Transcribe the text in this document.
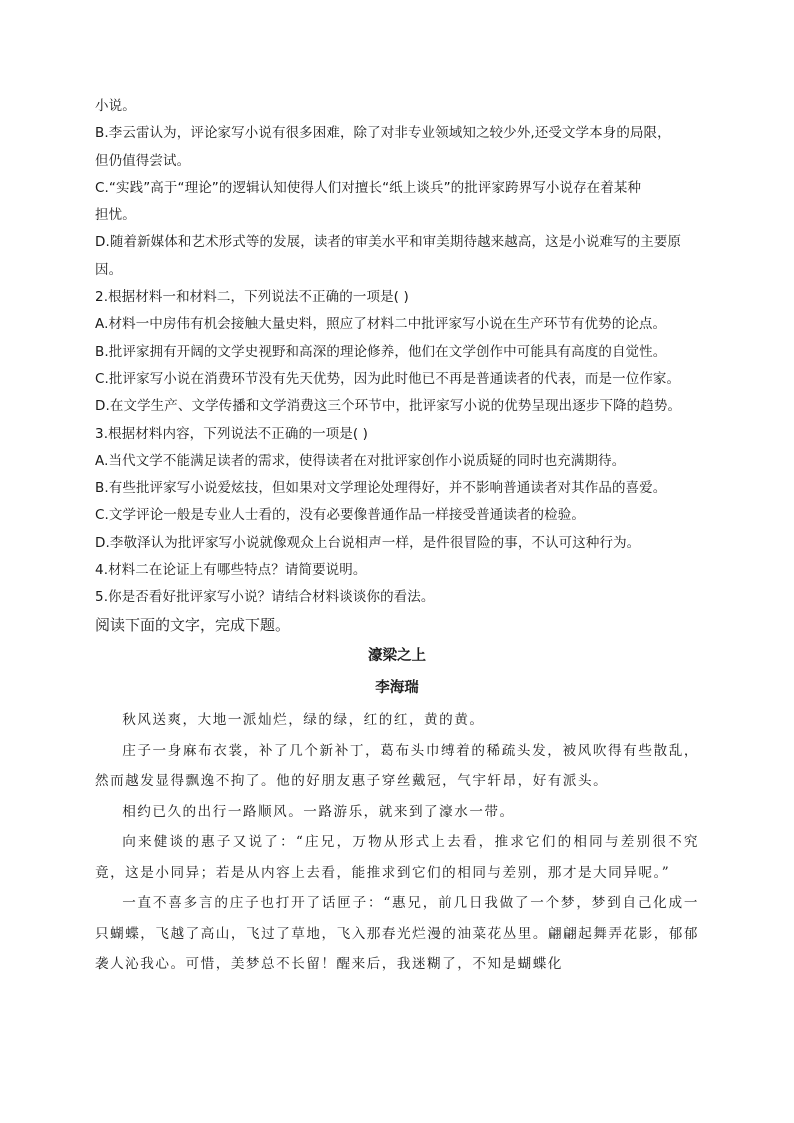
小说。

B.李云雷认为，评论家写小说有很多困难，除了对非专业领域知之较少外,还受文学本身的局限，

但仍值得尝试。

C.“实践”高于“理论”的逻辑认知使得人们对擅长“纸上谈兵”的批评家跨界写小说存在着某种

担忧。

D.随着新媒体和艺术形式等的发展，读者的审美水平和审美期待越来越高，这是小说难写的主要原

因。

2.根据材料一和材料二，下列说法不正确的一项是( )

A.材料一中房伟有机会接触大量史料，照应了材料二中批评家写小说在生产环节有优势的论点。

B.批评家拥有开阔的文学史视野和高深的理论修养，他们在文学创作中可能具有高度的自觉性。

C.批评家写小说在消费环节没有先天优势，因为此时他已不再是普通读者的代表，而是一位作家。

D.在文学生产、文学传播和文学消费这三个环节中，批评家写小说的优势呈现出逐步下降的趋势。

3.根据材料内容，下列说法不正确的一项是( )

A.当代文学不能满足读者的需求，使得读者在对批评家创作小说质疑的同时也充满期待。

B.有些批评家写小说爱炫技，但如果对文学理论处理得好，并不影响普通读者对其作品的喜爱。

C.文学评论一般是专业人士看的，没有必要像普通作品一样接受普通读者的检验。

D.李敬泽认为批评家写小说就像观众上台说相声一样，是件很冒险的事，不认可这种行为。

4.材料二在论证上有哪些特点？请简要说明。

5.你是否看好批评家写小说？请结合材料谈谈你的看法。

阅读下面的文字，完成下题。

濠梁之上

李海瑞

秋风送爽，大地一派灿烂，绿的绿，红的红，黄的黄。

庄子一身麻布衣裳，补了几个新补丁，葛布头巾缚着的稀疏头发，被风吹得有些散乱，然而越发显得飘逸不拘了。他的好朋友惠子穿丝戴冠，气宇轩昂，好有派头。

相约已久的出行一路顺风。一路游乐，就来到了濠水一带。

向来健谈的惠子又说了：“庄兄，万物从形式上去看，推求它们的相同与差别很不究竟，这是小同异；若是从内容上去看，能推求到它们的相同与差别，那才是大同异呢。”

一直不喜多言的庄子也打开了话匣子：“惠兄，前几日我做了一个梦，梦到自己化成一只蝴蝶，飞越了高山，飞过了草地，飞入那春光烂漫的油菜花丛里。翩翩起舞弄花影，郁郁袭人沁我心。可惜，美梦总不长留！醒来后，我迷糊了，不知是蝴蝶化
